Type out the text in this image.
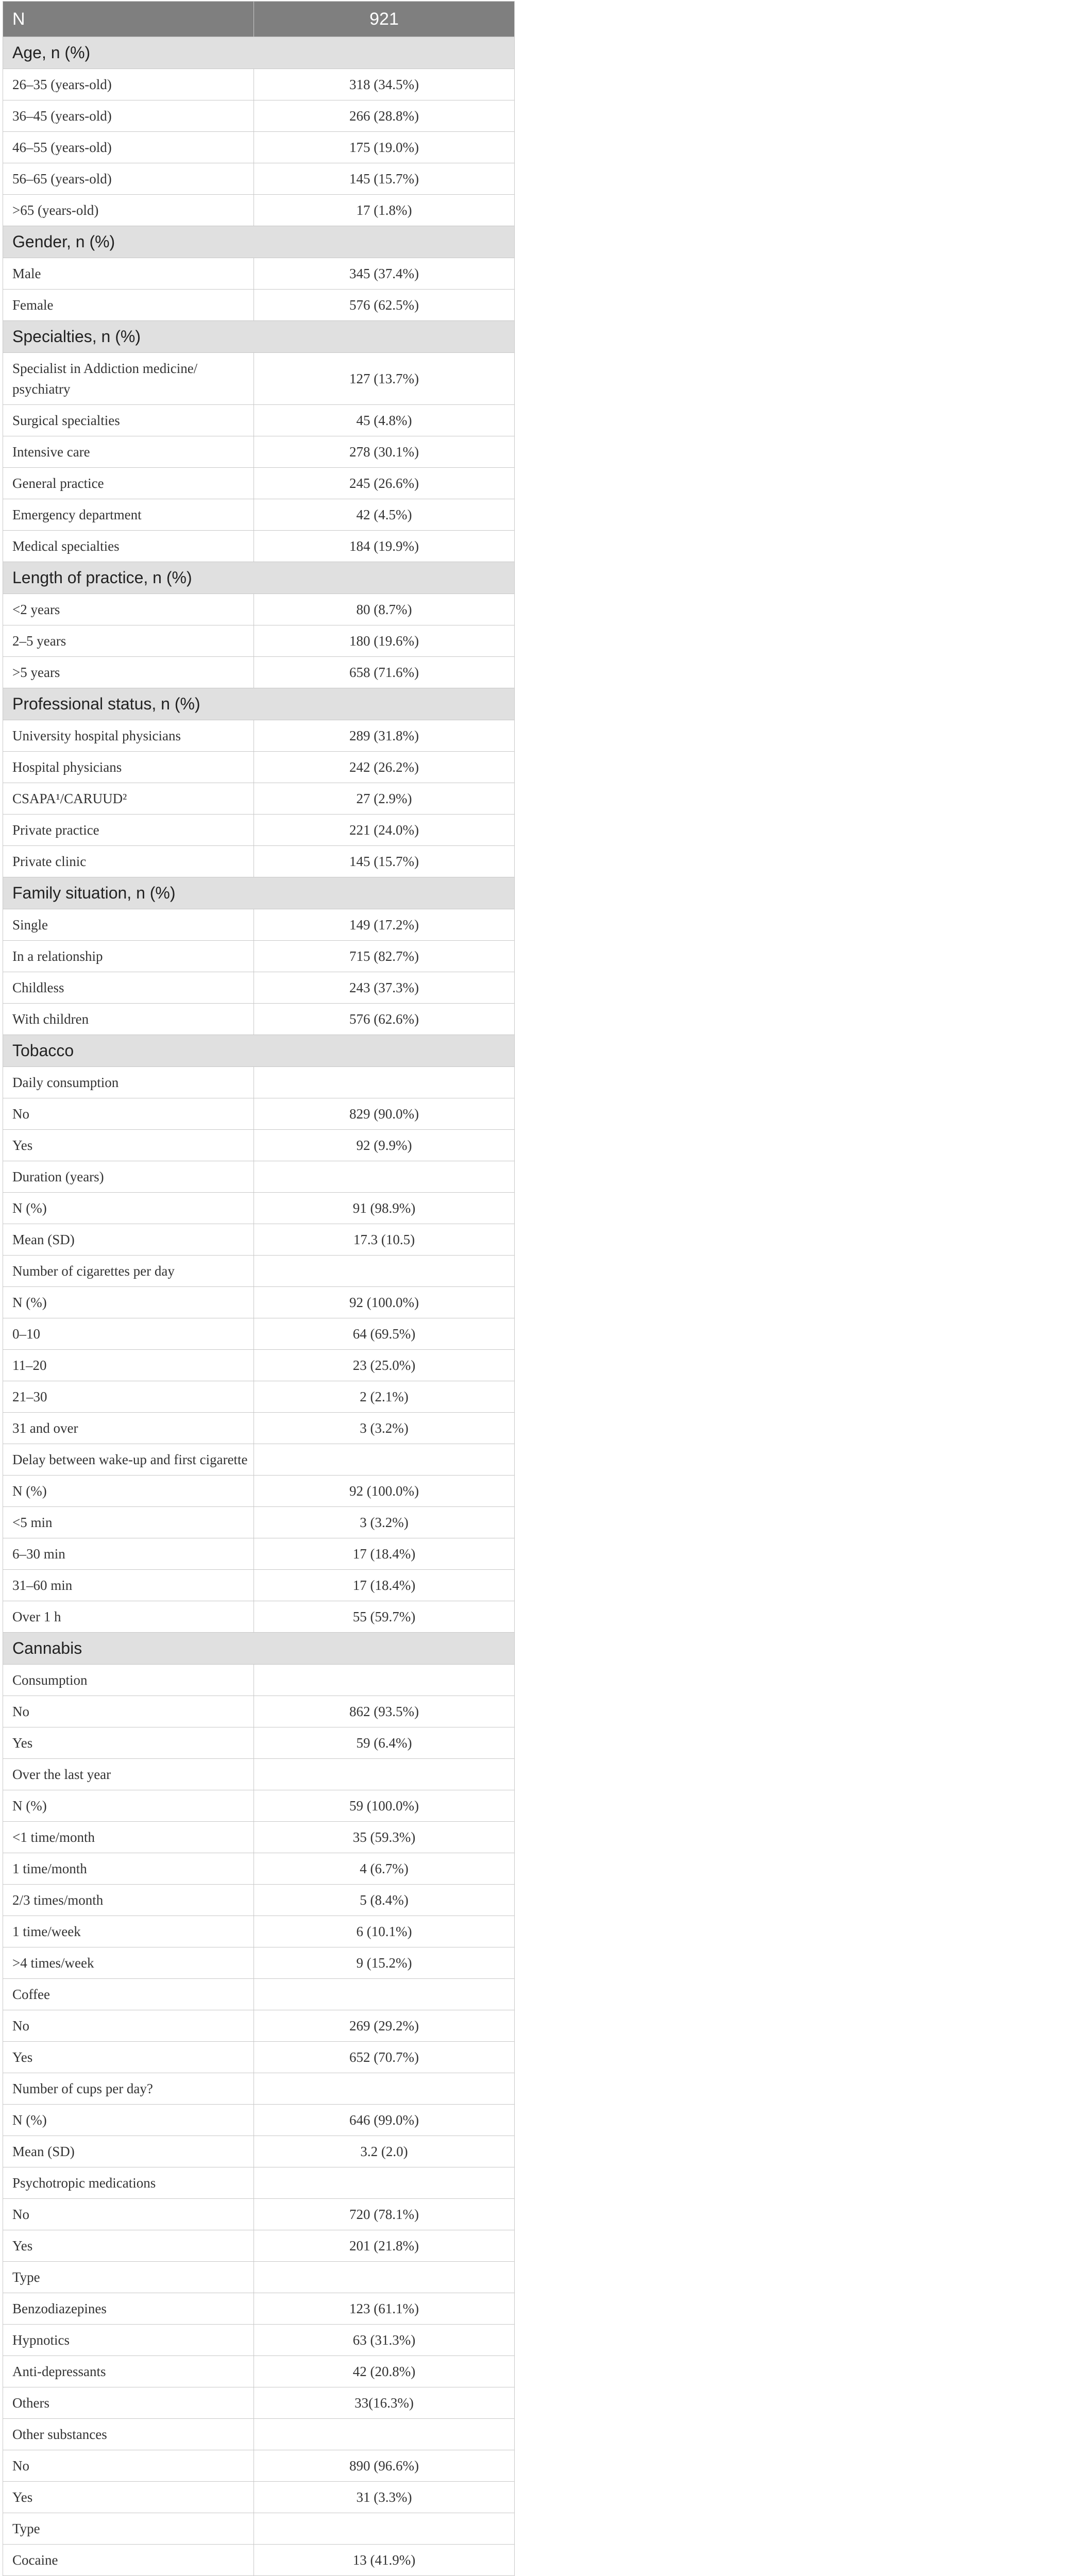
N	921
Age, n (%)	
26–35 (years-old)	318 (34.5%)
36–45 (years-old)	266 (28.8%)
46–55 (years-old)	175 (19.0%)
56–65 (years-old)	145 (15.7%)
>65 (years-old)	17 (1.8%)
Gender, n (%)	
Male	345 (37.4%)
Female	576 (62.5%)
Specialties, n (%)	
Specialist in Addiction medicine/ psychiatry	127 (13.7%)
Surgical specialties	45 (4.8%)
Intensive care	278 (30.1%)
General practice	245 (26.6%)
Emergency department	42 (4.5%)
Medical specialties	184 (19.9%)
Length of practice, n (%)	
<2 years	80 (8.7%)
2–5 years	180 (19.6%)
>5 years	658 (71.6%)
Professional status, n (%)	
University hospital physicians	289 (31.8%)
Hospital physicians	242 (26.2%)
CSAPA¹/CARUUD²	27 (2.9%)
Private practice	221 (24.0%)
Private clinic	145 (15.7%)
Family situation, n (%)	
Single	149 (17.2%)
In a relationship	715 (82.7%)
Childless	243 (37.3%)
With children	576 (62.6%)
Tobacco	
Daily consumption	
No	829 (90.0%)
Yes	92 (9.9%)
Duration (years)	
N (%)	91 (98.9%)
Mean (SD)	17.3 (10.5)
Number of cigarettes per day	
N (%)	92 (100.0%)
0–10	64 (69.5%)
11–20	23 (25.0%)
21–30	2 (2.1%)
31 and over	3 (3.2%)
Delay between wake-up and first cigarette	
N (%)	92 (100.0%)
<5 min	3 (3.2%)
6–30 min	17 (18.4%)
31–60 min	17 (18.4%)
Over 1 h	55 (59.7%)
Cannabis	
Consumption	
No	862 (93.5%)
Yes	59 (6.4%)
Over the last year	
N (%)	59 (100.0%)
<1 time/month	35 (59.3%)
1 time/month	4 (6.7%)
2/3 times/month	5 (8.4%)
1 time/week	6 (10.1%)
>4 times/week	9 (15.2%)
Coffee	
No	269 (29.2%)
Yes	652 (70.7%)
Number of cups per day?	
N (%)	646 (99.0%)
Mean (SD)	3.2 (2.0)
Psychotropic medications	
No	720 (78.1%)
Yes	201 (21.8%)
Type	
Benzodiazepines	123 (61.1%)
Hypnotics	63 (31.3%)
Anti-depressants	42 (20.8%)
Others	33(16.3%)
Other substances	
No	890 (96.6%)
Yes	31 (3.3%)
Type	
Cocaine	13 (41.9%)
